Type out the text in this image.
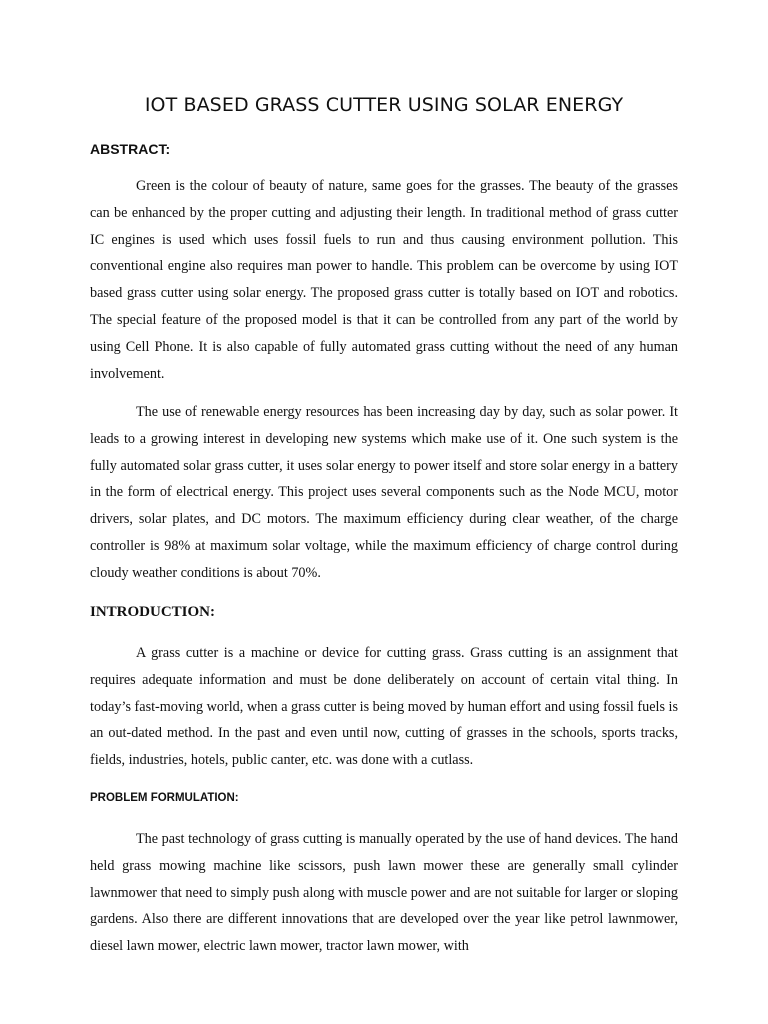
IOT BASED GRASS CUTTER USING SOLAR ENERGY
ABSTRACT:

Green is the colour of beauty of nature, same goes for the grasses. The beauty of the grasses can be enhanced by the proper cutting and adjusting their length. In traditional method of grass cutter IC engines is used which uses fossil fuels to run and thus causing environment pollution. This conventional engine also requires man power to handle. This problem can be overcome by using IOT based grass cutter using solar energy. The proposed grass cutter is totally based on IOT and robotics. The special feature of the proposed model is that it can be controlled from any part of the world by using Cell Phone. It is also capable of fully automated grass cutting without the need of any human involvement.

The use of renewable energy resources has been increasing day by day, such as solar power. It leads to a growing interest in developing new systems which make use of it. One such system is the fully automated solar grass cutter, it uses solar energy to power itself and store solar energy in a battery in the form of electrical energy. This project uses several components such as the Node MCU, motor drivers, solar plates, and DC motors. The maximum efficiency during clear weather, of the charge controller is 98% at maximum solar voltage, while the maximum efficiency of charge control during cloudy weather conditions is about 70%.

INTRODUCTION:

A grass cutter is a machine or device for cutting grass. Grass cutting is an assignment that requires adequate information and must be done deliberately on account of certain vital thing. In today’s fast-moving world, when a grass cutter is being moved by human effort and using fossil fuels is an out-dated method. In the past and even until now, cutting of grasses in the schools, sports tracks, fields, industries, hotels, public canter, etc. was done with a cutlass.

PROBLEM FORMULATION:

The past technology of grass cutting is manually operated by the use of hand devices. The hand held grass mowing machine like scissors, push lawn mower these are generally small cylinder lawnmower that need to simply push along with muscle power and are not suitable for larger or sloping gardens. Also there are different innovations that are developed over the year like petrol lawnmower, diesel lawn mower, electric lawn mower, tractor lawn mower, with
